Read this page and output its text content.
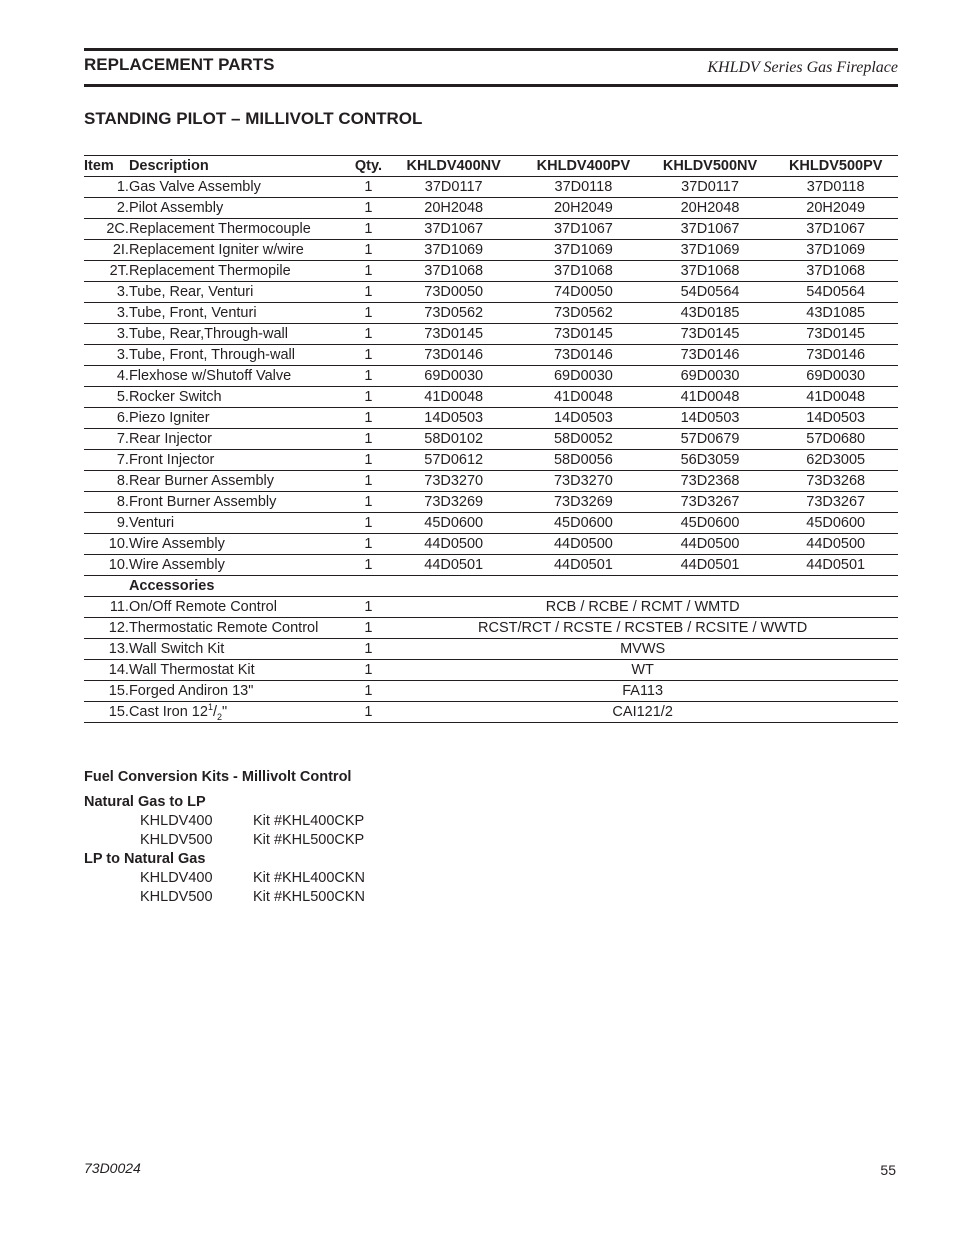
REPLACEMENT PARTS	KHLDV Series Gas Fireplace
STANDING PILOT – MILLIVOLT CONTROL
Item	Description	Qty.	KHLDV400NV	KHLDV400PV	KHLDV500NV	KHLDV500PV
1.	Gas Valve Assembly	1	37D0117	37D0118	37D0117	37D0118
2.	Pilot Assembly	1	20H2048	20H2049	20H2048	20H2049
2C.	Replacement Thermocouple	1	37D1067	37D1067	37D1067	37D1067
2I.	Replacement Igniter w/wire	1	37D1069	37D1069	37D1069	37D1069
2T.	Replacement Thermopile	1	37D1068	37D1068	37D1068	37D1068
3.	Tube, Rear, Venturi	1	73D0050	74D0050	54D0564	54D0564
3.	Tube, Front, Venturi	1	73D0562	73D0562	43D0185	43D1085
3.	Tube, Rear,Through-wall	1	73D0145	73D0145	73D0145	73D0145
3.	Tube, Front, Through-wall	1	73D0146	73D0146	73D0146	73D0146
4.	Flexhose w/Shutoff Valve	1	69D0030	69D0030	69D0030	69D0030
5.	Rocker Switch	1	41D0048	41D0048	41D0048	41D0048
6.	Piezo Igniter	1	14D0503	14D0503	14D0503	14D0503
7.	Rear Injector	1	58D0102	58D0052	57D0679	57D0680
7.	Front Injector	1	57D0612	58D0056	56D3059	62D3005
8.	Rear Burner Assembly	1	73D3270	73D3270	73D2368	73D3268
8.	Front Burner Assembly	1	73D3269	73D3269	73D3267	73D3267
9.	Venturi	1	45D0600	45D0600	45D0600	45D0600
10.	Wire Assembly	1	44D0500	44D0500	44D0500	44D0500
10.	Wire Assembly	1	44D0501	44D0501	44D0501	44D0501
	Accessories					
11.	On/Off Remote Control	1	RCB / RCBE / RCMT / WMTD			
12.	Thermostatic Remote Control	1	RCST/RCT / RCSTE / RCSTEB / RCSITE / WWTD			
13.	Wall Switch Kit	1	MVWS			
14.	Wall Thermostat Kit	1	WT			
15.	Forged Andiron 13"	1	FA113			
15.	Cast Iron $12^1/_2$"	1	CAI121/2			
Fuel Conversion Kits - Millivolt Control
Natural Gas to LP
KHLDV400	Kit #KHL400CKP
KHLDV500	Kit #KHL500CKP
LP to Natural Gas
KHLDV400	Kit #KHL400CKN
KHLDV500	Kit #KHL500CKN
73D0024	55
